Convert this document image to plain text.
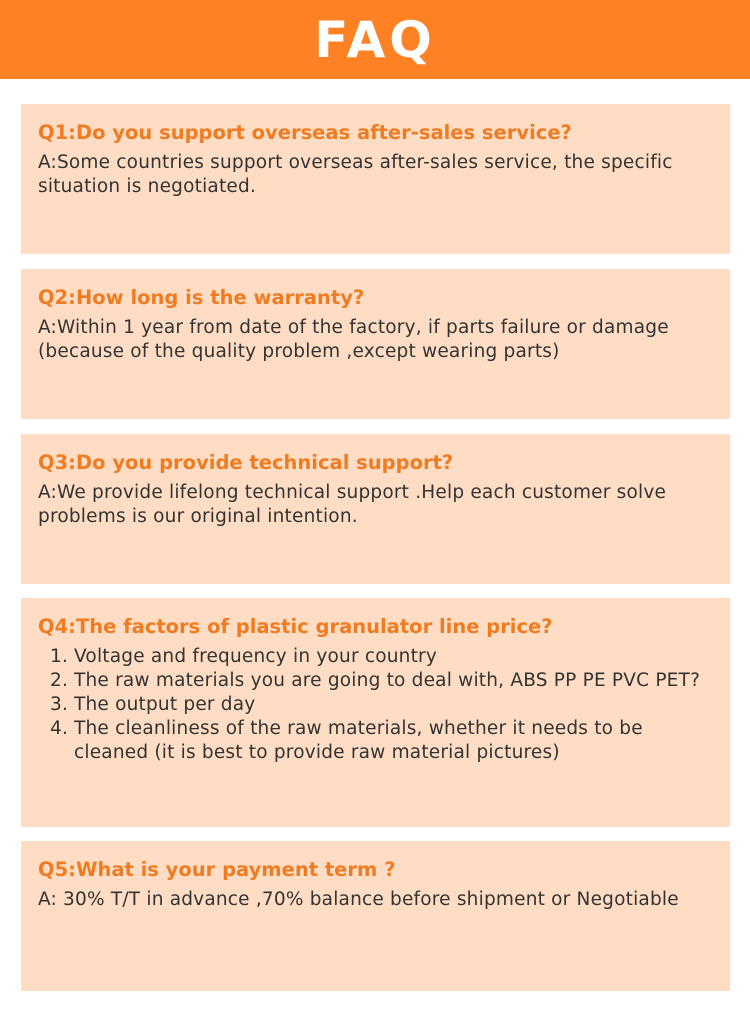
FAQ
Q1:Do you support overseas after-sales service?
A:Some countries support overseas after-sales service, the specific situation is negotiated.
Q2:How long is the warranty?
A:Within 1 year from date of the factory, if parts failure or damage (because of the quality problem ,except wearing parts)
Q3:Do you provide technical support?
A:We provide lifelong technical support .Help each customer solve problems is our original intention.
Q4:The factors of plastic granulator line price?
1. Voltage and frequency in your country
2. The raw materials you are going to deal with, ABS PP PE PVC PET?
3. The output per day
4. The cleanliness of the raw materials, whether it needs to be cleaned (it is best to provide raw material pictures)
Q5:What is your payment term ?
A: 30% T/T in advance ,70% balance before shipment or Negotiable
